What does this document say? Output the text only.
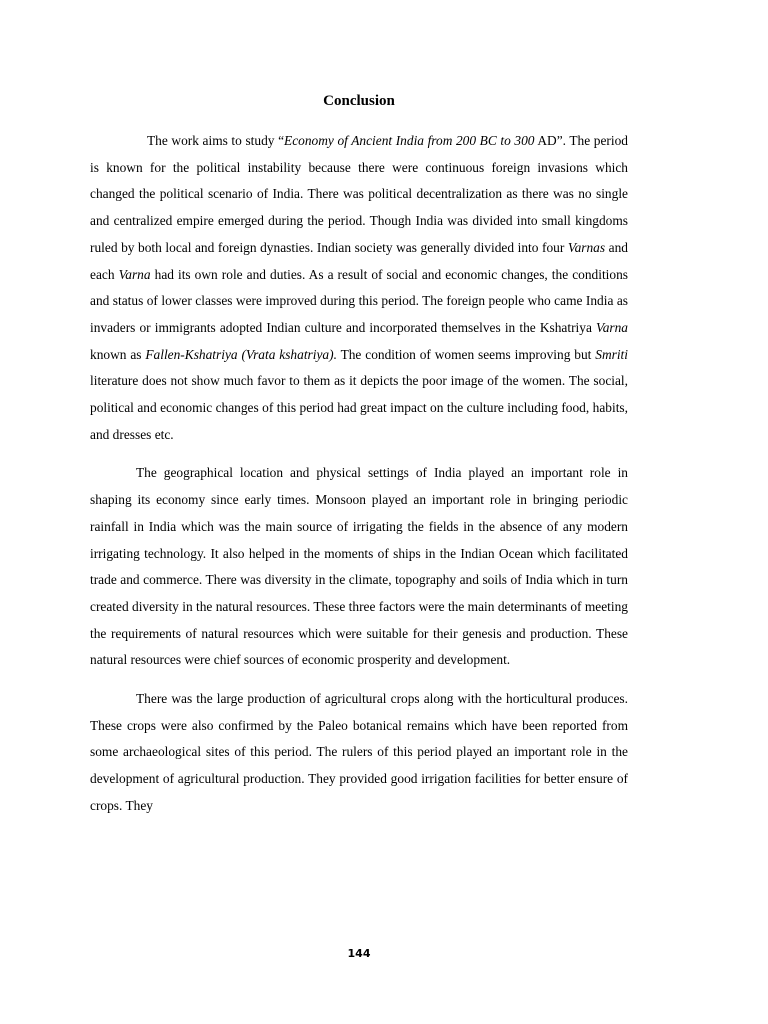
Conclusion

The work aims to study “Economy of Ancient India from 200 BC to 300 AD”. The period is known for the political instability because there were continuous foreign invasions which changed the political scenario of India. There was political decentralization as there was no single and centralized empire emerged during the period. Though India was divided into small kingdoms ruled by both local and foreign dynasties. Indian society was generally divided into four Varnas and each Varna had its own role and duties. As a result of social and economic changes, the conditions and status of lower classes were improved during this period. The foreign people who came India as invaders or immigrants adopted Indian culture and incorporated themselves in the Kshatriya Varna known as Fallen-Kshatriya (Vrata kshatriya). The condition of women seems improving but Smriti literature does not show much favor to them as it depicts the poor image of the women. The social, political and economic changes of this period had great impact on the culture including food, habits, and dresses etc.

The geographical location and physical settings of India played an important role in shaping its economy since early times. Monsoon played an important role in bringing periodic rainfall in India which was the main source of irrigating the fields in the absence of any modern irrigating technology. It also helped in the moments of ships in the Indian Ocean which facilitated trade and commerce. There was diversity in the climate, topography and soils of India which in turn created diversity in the natural resources. These three factors were the main determinants of meeting the requirements of natural resources which were suitable for their genesis and production. These natural resources were chief sources of economic prosperity and development.

There was the large production of agricultural crops along with the horticultural produces. These crops were also confirmed by the Paleo botanical remains which have been reported from some archaeological sites of this period. The rulers of this period played an important role in the development of agricultural production. They provided good irrigation facilities for better ensure of crops. They

144
